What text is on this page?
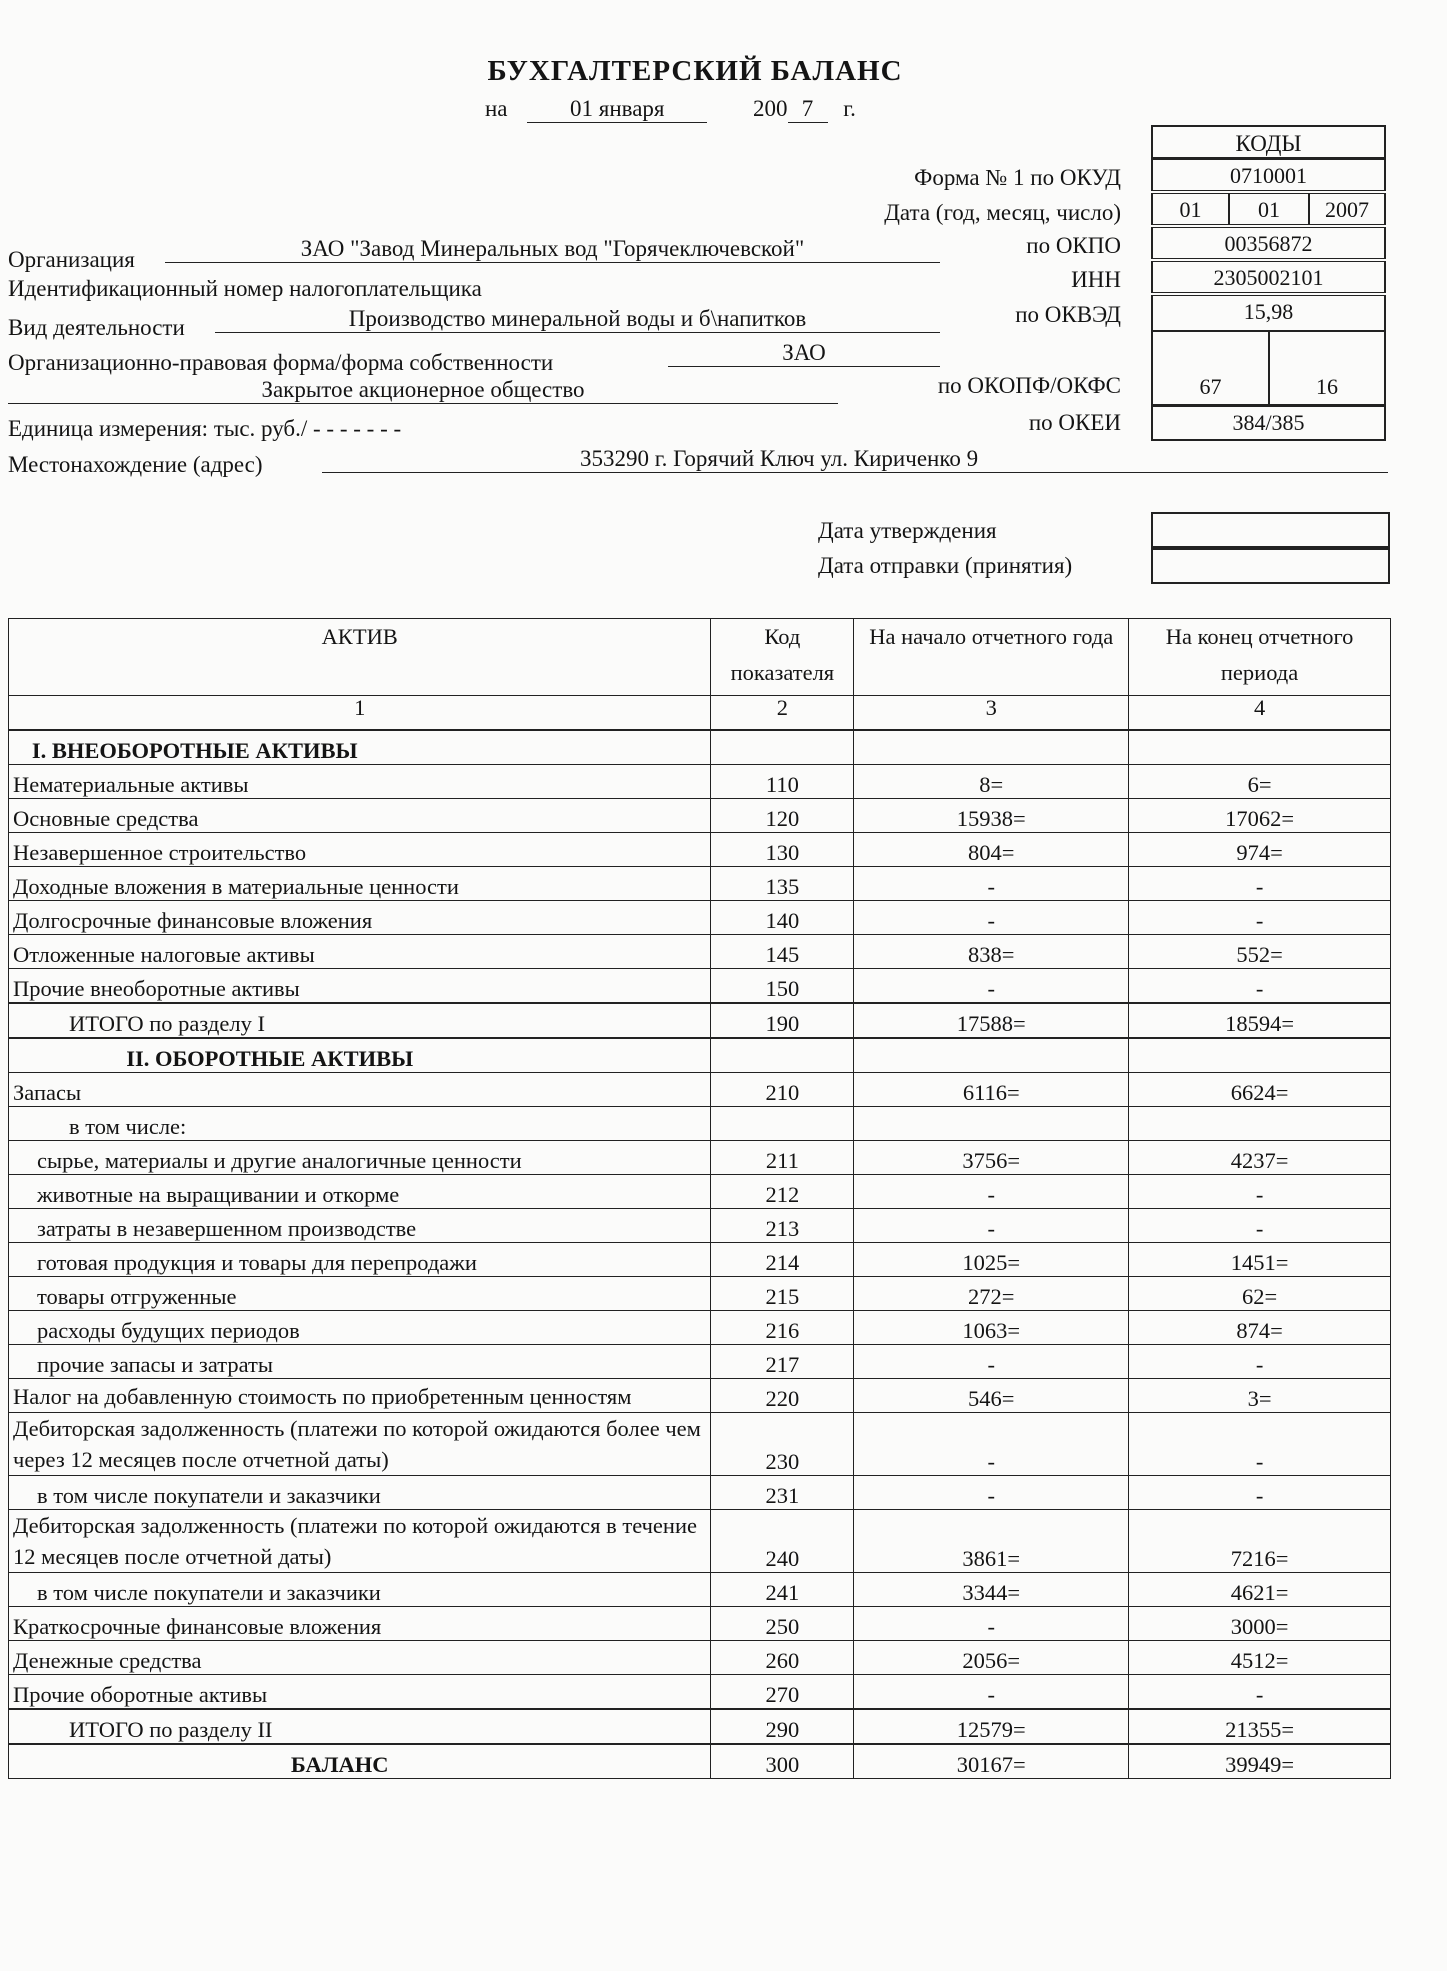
БУХГАЛТЕРСКИЙ БАЛАНС
на	01 января	200 7 г.
КОДЫ
Форма № 1 по ОКУД	0710001
Дата (год, месяц, число)	01	01	2007
по ОКПО	00356872
ИНН	2305002101
по ОКВЭД	15,98
по ОКОПФ/ОКФС	67	16
по ОКЕИ	384/385
Организация	ЗАО "Завод Минеральных вод "Горячеключевской"
Идентификационный номер налогоплательщика
Вид деятельности	Производство минеральной воды и б\напитков
Организационно-правовая форма/форма собственности	ЗАО
Закрытое акционерное общество
Единица измерения: тыс. руб./ - - - - - - -
Местонахождение (адрес)	353290 г. Горячий Ключ ул. Кириченко 9
Дата утверждения
Дата отправки (принятия)
АКТИВ	Код показателя	На начало отчетного года	На конец отчетного периода
1	2	3	4
I. ВНЕОБОРОТНЫЕ АКТИВЫ			
Нематериальные активы	110	8=	6=
Основные средства	120	15938=	17062=
Незавершенное строительство	130	804=	974=
Доходные вложения в материальные ценности	135	-	-
Долгосрочные финансовые вложения	140	-	-
Отложенные налоговые активы	145	838=	552=
Прочие внеоборотные активы	150	-	-
ИТОГО по разделу I	190	17588=	18594=
II. ОБОРОТНЫЕ АКТИВЫ			
Запасы	210	6116=	6624=
в том числе:			
сырье, материалы и другие аналогичные ценности	211	3756=	4237=
животные на выращивании и откорме	212	-	-
затраты в незавершенном производстве	213	-	-
готовая продукция и товары для перепродажи	214	1025=	1451=
товары отгруженные	215	272=	62=
расходы будущих периодов	216	1063=	874=
прочие запасы и затраты	217	-	-
Налог на добавленную стоимость по приобретенным ценностям	220	546=	3=
Дебиторская задолженность (платежи по которой ожидаются более чем через 12 месяцев после отчетной даты)	230	-	-
в том числе покупатели и заказчики	231	-	-
Дебиторская задолженность (платежи по которой ожидаются в течение 12 месяцев после отчетной даты)	240	3861=	7216=
в том числе покупатели и заказчики	241	3344=	4621=
Краткосрочные финансовые вложения	250	-	3000=
Денежные средства	260	2056=	4512=
Прочие оборотные активы	270	-	-
ИТОГО по разделу II	290	12579=	21355=
БАЛАНС	300	30167=	39949=
